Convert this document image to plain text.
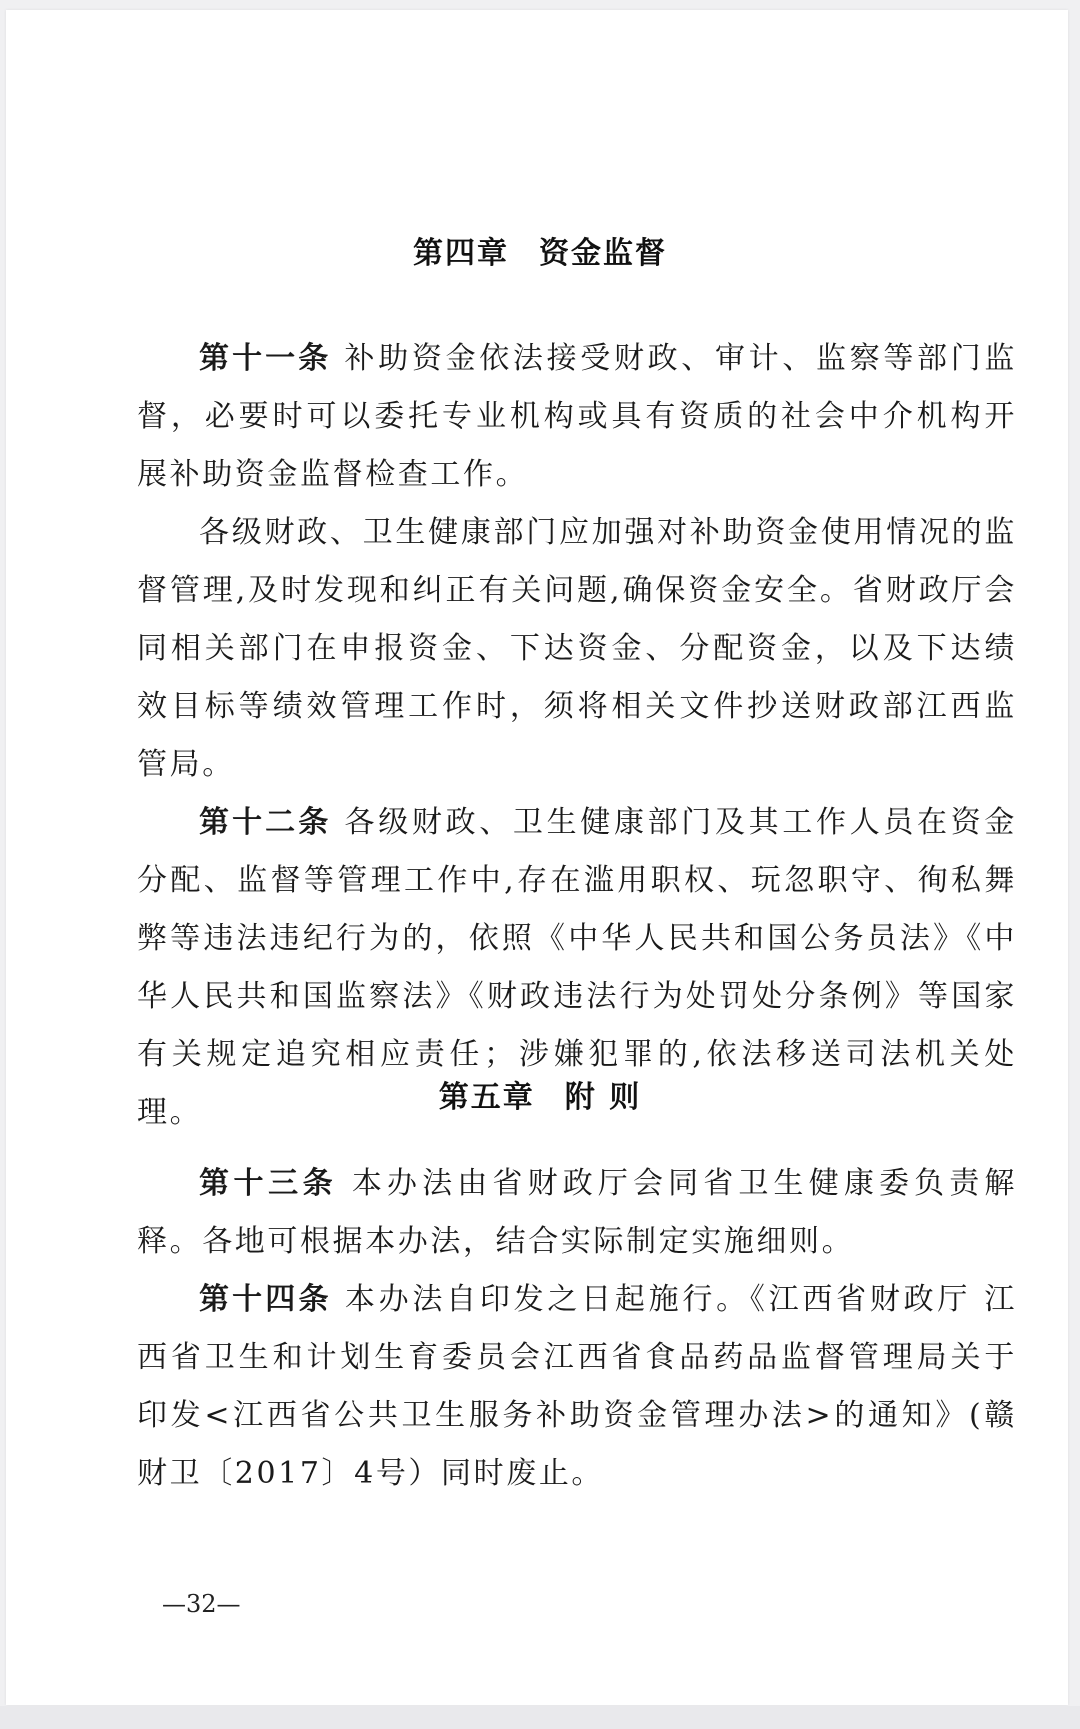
第四章 资金监督

第十一条 补助资金依法接受财政、审计、监察等部门监督，必要时可以委托专业机构或具有资质的社会中介机构开展补助资金监督检查工作。

各级财政、卫生健康部门应加强对补助资金使用情况的监督管理,及时发现和纠正有关问题,确保资金安全。省财政厅会同相关部门在申报资金、下达资金、分配资金，以及下达绩效目标等绩效管理工作时，须将相关文件抄送财政部江西监管局。

第十二条 各级财政、卫生健康部门及其工作人员在资金分配、监督等管理工作中,存在滥用职权、玩忽职守、徇私舞弊等违法违纪行为的，依照《中华人民共和国公务员法》《中华人民共和国监察法》《财政违法行为处罚处分条例》等国家有关规定追究相应责任；涉嫌犯罪的,依法移送司法机关处理。	第五章 附 则

第十三条 本办法由省财政厅会同省卫生健康委负责解释。各地可根据本办法，结合实际制定实施细则。

第十四条 本办法自印发之日起施行。《江西省财政厅 江西省卫生和计划生育委员会江西省食品药品监督管理局关于印发<江西省公共卫生服务补助资金管理办法>的通知》(赣财卫〔2017〕4号）同时废止。

—32—
